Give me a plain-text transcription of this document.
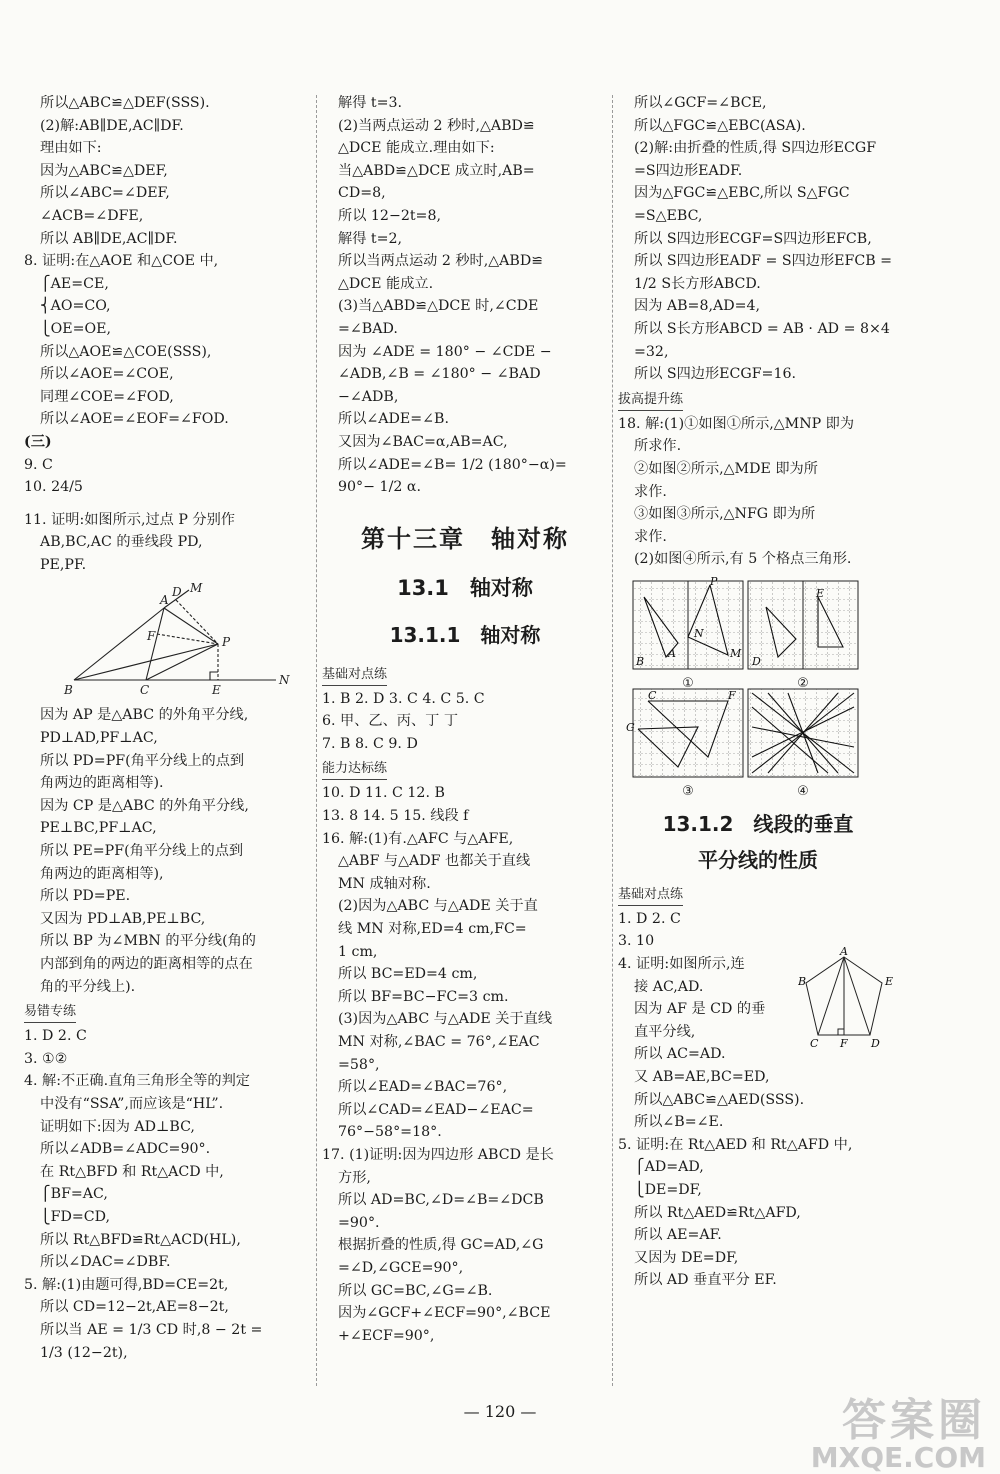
所以△ABC≌△DEF(SSS).
(2)解:AB∥DE,AC∥DF.
理由如下:
因为△ABC≌△DEF,
所以∠ABC=∠DEF,
∠ACB=∠DFE,
所以 AB∥DE,AC∥DF.
8. 证明:在△AOE 和△COE 中,
⎧AE=CE,
⎨AO=CO,
⎩OE=OE,
所以△AOE≌△COE(SSS),
所以∠AOE=∠COE,
同理∠COE=∠FOD,
所以∠AOE=∠EOF=∠FOD.
(三)
9. C
10. 24/5
11. 证明:如图所示,过点 P 分别作
AB,BC,AC 的垂线段 PD,
PE,PF.
A
D M
F	P
B	C	E
N
因为 AP 是△ABC 的外角平分线,
PD⊥AD,PF⊥AC,
所以 PD=PF(角平分线上的点到
角两边的距离相等).
因为 CP 是△ABC 的外角平分线,
PE⊥BC,PF⊥AC,
所以 PE=PF(角平分线上的点到
角两边的距离相等),
所以 PD=PE.
又因为 PD⊥AB,PE⊥BC,
所以 BP 为∠MBN 的平分线(角的
内部到角的两边的距离相等的点在
角的平分线上).
易错专练
1. D 2. C
3. ①②
4. 解:不正确.直角三角形全等的判定
中没有“SSA”,而应该是“HL”.
证明如下:因为 AD⊥BC,
所以∠ADB=∠ADC=90°.
在 Rt△BFD 和 Rt△ACD 中,
⎧BF=AC,
⎩FD=CD,
所以 Rt△BFD≌Rt△ACD(HL),
所以∠DAC=∠DBF.
5. 解:(1)由题可得,BD=CE=2t,
所以 CD=12−2t,AE=8−2t,
所以当 AE = 1/3 CD 时,8 − 2t =
1/3 (12−2t),
解得 t=3.
(2)当两点运动 2 秒时,△ABD≌
△DCE 能成立.理由如下:
当△ABD≌△DCE 成立时,AB=
CD=8,
所以 12−2t=8,
解得 t=2,
所以当两点运动 2 秒时,△ABD≌
△DCE 能成立.
(3)当△ABD≌△DCE 时,∠CDE
=∠BAD.
因为 ∠ADE = 180° − ∠CDE −
∠ADB,∠B = ∠180° − ∠BAD
−∠ADB,
所以∠ADE=∠B.
又因为∠BAC=α,AB=AC,
所以∠ADE=∠B= 1/2 (180°−α)=
90°− 1/2 α.
第十三章　轴对称
13.1　轴对称
13.1.1　轴对称
基础对点练
1. B 2. D 3. C 4. C 5. C
6. 甲、乙、丙、丁 丁
7. B 8. C 9. D
能力达标练
10. D 11. C 12. B
13. 8 14. 5 15. 线段 f
16. 解:(1)有.△AFC 与△AFE,
△ABF 与△ADF 也都关于直线
MN 成轴对称.
(2)因为△ABC 与△ADE 关于直
线 MN 对称,ED=4 cm,FC=
1 cm,
所以 BC=ED=4 cm,
所以 BF=BC−FC=3 cm.
(3)因为△ABC 与△ADE 关于直线
MN 对称,∠BAC = 76°,∠EAC
=58°,
所以∠EAD=∠BAC=76°,
所以∠CAD=∠EAD−∠EAC=
76°−58°=18°.
17. (1)证明:因为四边形 ABCD 是长
方形,
所以 AD=BC,∠D=∠B=∠DCB
=90°.
根据折叠的性质,得 GC=AD,∠G
=∠D,∠GCE=90°,
所以 GC=BC,∠G=∠B.
因为∠GCF+∠ECF=90°,∠BCE
+∠ECF=90°,
所以∠GCF=∠BCE,
所以△FGC≌△EBC(ASA).
(2)解:由折叠的性质,得 S四边形ECGF
=S四边形EADF.
因为△FGC≌△EBC,所以 S△FGC
=S△EBC,
所以 S四边形ECGF=S四边形EFCB,
所以 S四边形EADF = S四边形EFCB =
1/2 S长方形ABCD.
因为 AB=8,AD=4,
所以 S长方形ABCD = AB · AD = 8×4
=32,
所以 S四边形ECGF=16.
拔高提升练
18. 解:(1)①如图①所示,△MNP 即为
所求作.
②如图②所示,△MDE 即为所
求作.
③如图③所示,△NFG 即为所
求作.
(2)如图④所示,有 5 个格点三角形.
P
E
N
A	M
B	D
C	F
G
①	②
③	④
13.1.2　线段的垂直
平分线的性质
基础对点练
1. D 2. C
3. 10
4. 证明:如图所示,连
接 AC,AD.
因为 AF 是 CD 的垂
直平分线,
所以 AC=AD.
又 AB=AE,BC=ED,
所以△ABC≌△AED(SSS).
所以∠B=∠E.
A
B	E
C F D
5. 证明:在 Rt△AED 和 Rt△AFD 中,
⎧AD=AD,
⎩DE=DF,
所以 Rt△AED≌Rt△AFD,
所以 AE=AF.
又因为 DE=DF,
所以 AD 垂直平分 EF.
— 120 —	答案圈
MXQE.COM
